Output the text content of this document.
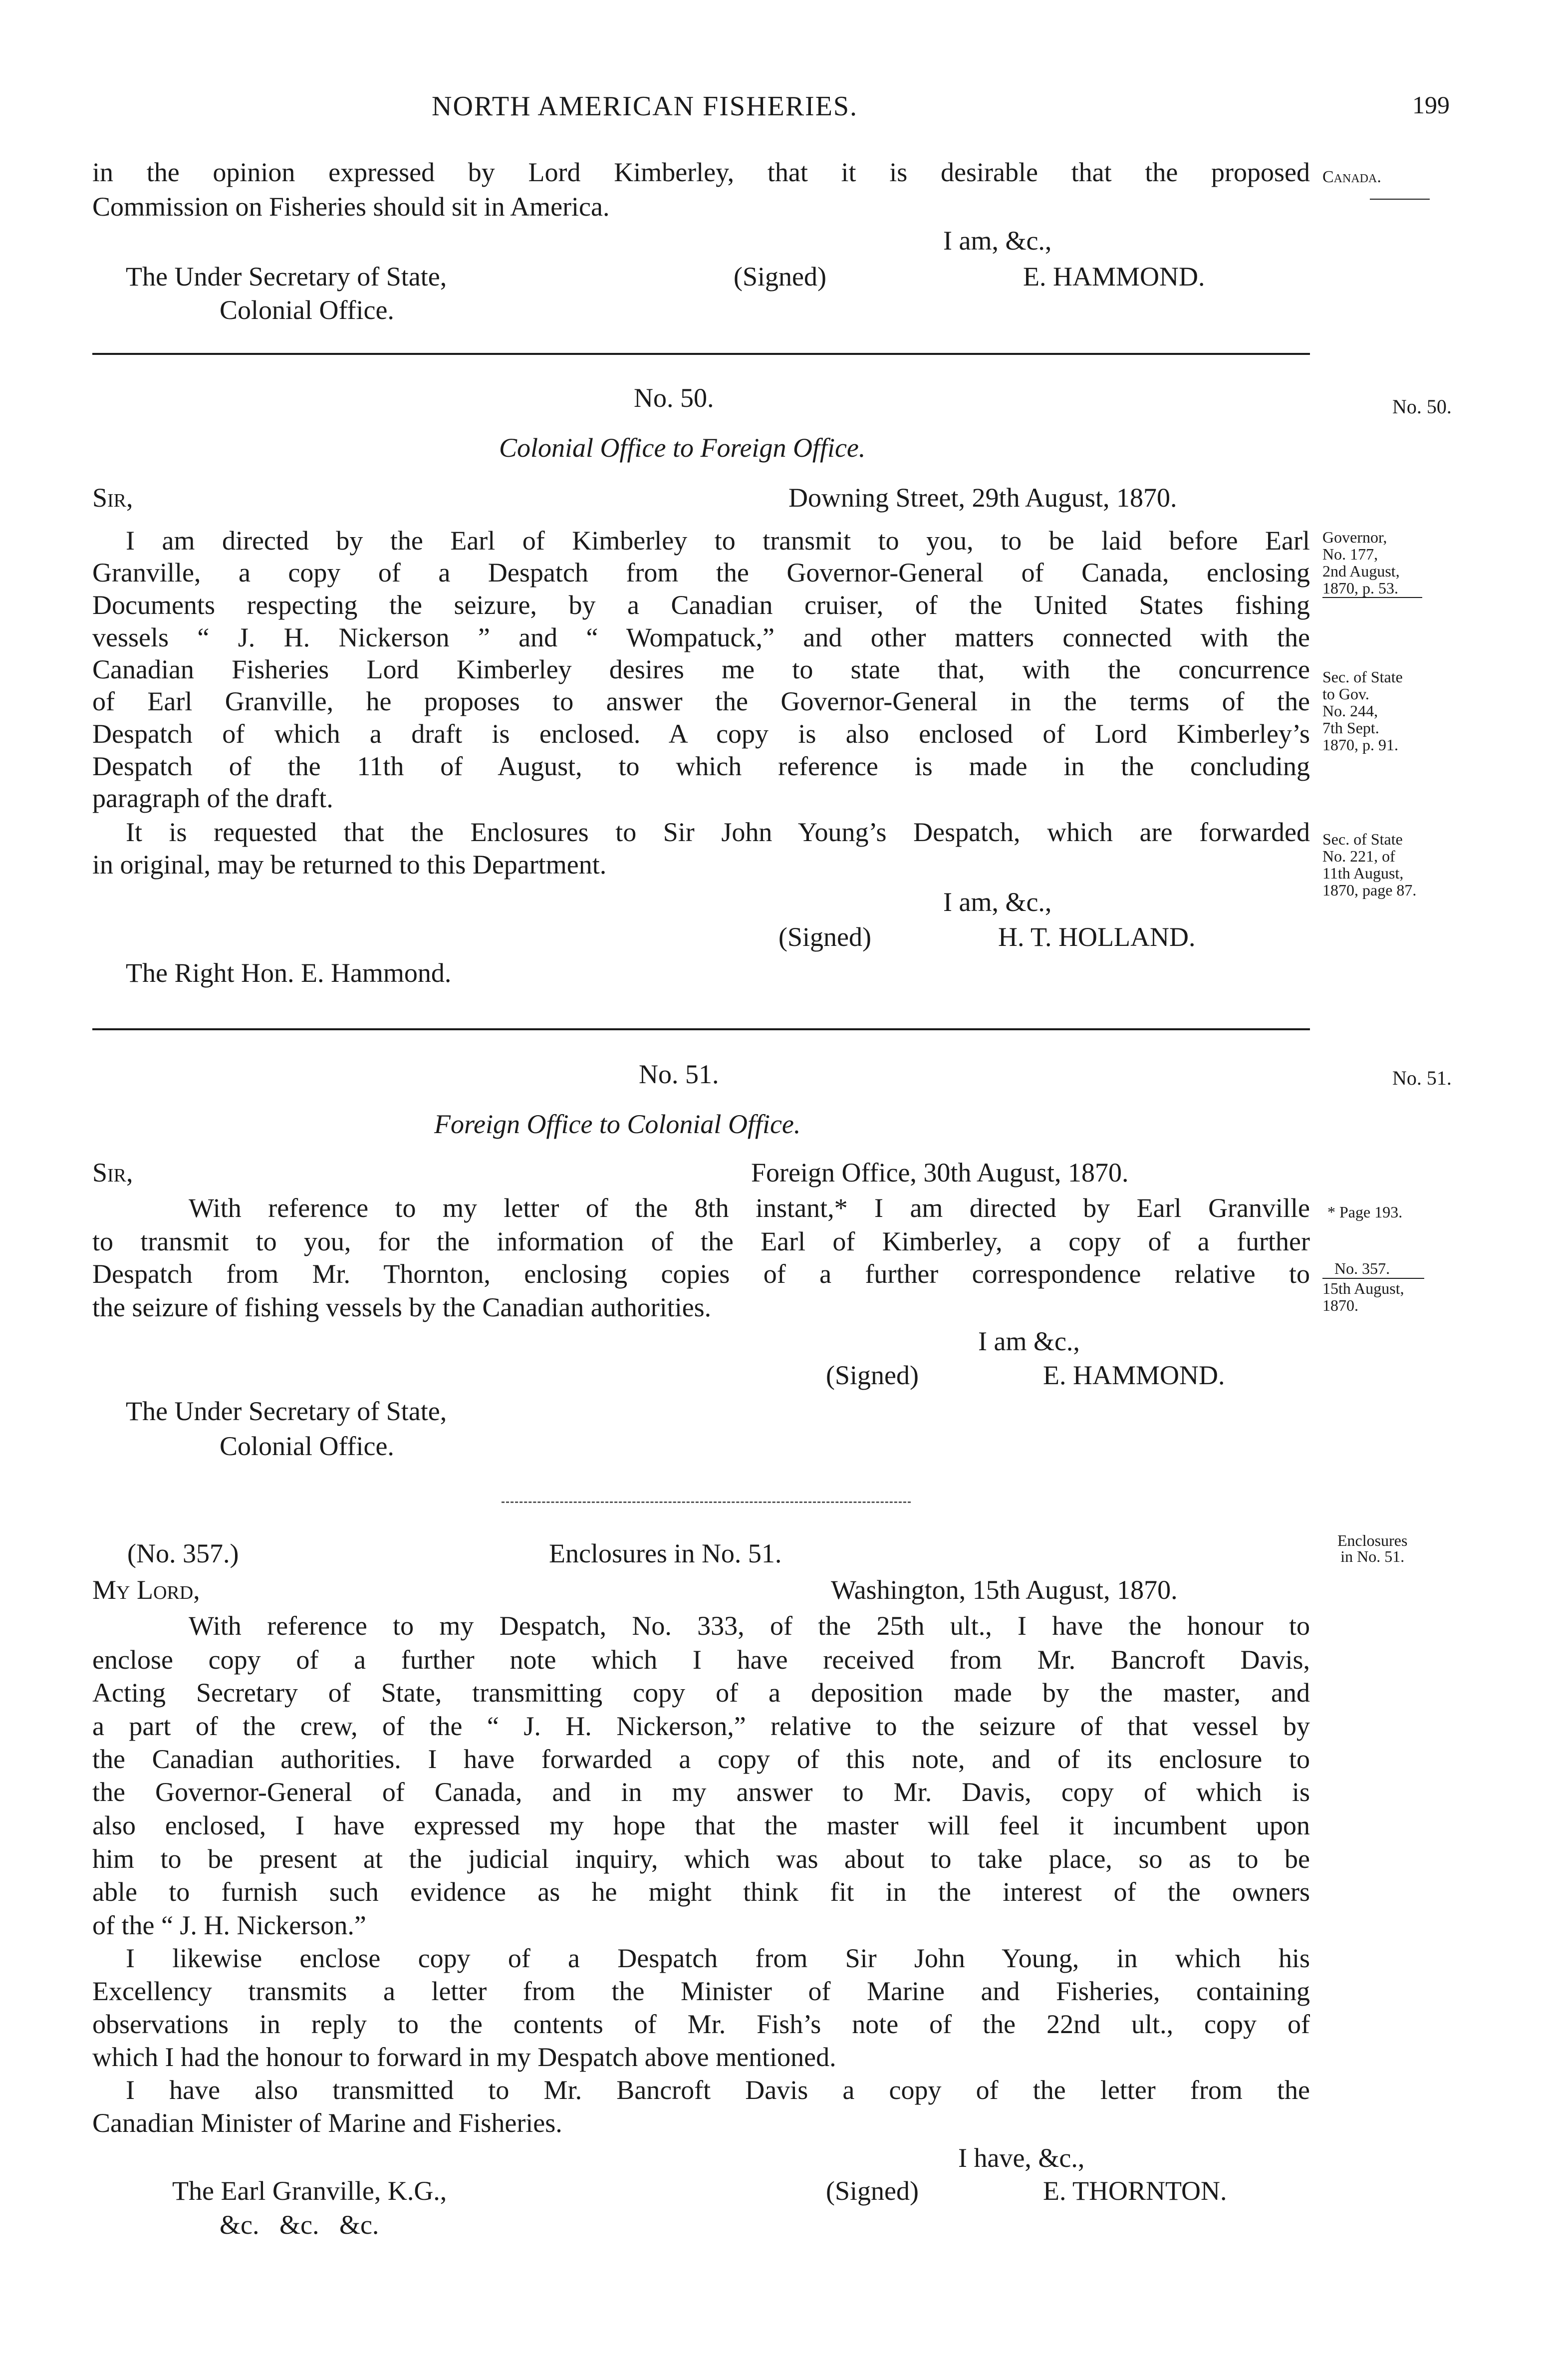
NORTH AMERICAN FISHERIES.	199
in the opinion expressed by Lord Kimberley, that it is desirable that the proposed
Commission on Fisheries should sit in America.
I am, &c.,
(Signed)	E. HAMMOND.
The Under Secretary of State,
Colonial Office.
Canada.
No. 50.	No. 50.
Colonial Office to Foreign Office.
Sir,	Downing Street, 29th August, 1870.
I am directed by the Earl of Kimberley to transmit to you, to be laid before Earl
Granville, a copy of a Despatch from the Governor-General of Canada, enclosing
Documents respecting the seizure, by a Canadian cruiser, of the United States fishing
vessels “ J. H. Nickerson ” and “ Wompatuck,” and other matters connected with the
Canadian Fisheries Lord Kimberley desires me to state that, with the concurrence
of Earl Granville, he proposes to answer the Governor-General in the terms of the
Despatch of which a draft is enclosed. A copy is also enclosed of Lord Kimberley’s
Despatch of the 11th of August, to which reference is made in the concluding
paragraph of the draft.
It is requested that the Enclosures to Sir John Young’s Despatch, which are forwarded
in original, may be returned to this Department.
I am, &c.,
(Signed)	H. T. HOLLAND.
The Right Hon. E. Hammond.
Governor,
No. 177,
2nd August,
1870, p. 53.
Sec. of State
to Gov.
No. 244,
7th Sept.
1870, p. 91.
Sec. of State
No. 221, of
11th August,
1870, page 87.
No. 51.	No. 51.
Foreign Office to Colonial Office.
Sir,	Foreign Office, 30th August, 1870.
With reference to my letter of the 8th instant,* I am directed by Earl Granville
to transmit to you, for the information of the Earl of Kimberley, a copy of a further
Despatch from Mr. Thornton, enclosing copies of a further correspondence relative to
the seizure of fishing vessels by the Canadian authorities.
I am &c.,
(Signed)	E. HAMMOND.
The Under Secretary of State,
Colonial Office.
* Page 193.
No. 357.
15th August,
1870.
(No. 357.)	Enclosures in No. 51.	Enclosures
in No. 51.
My Lord,	Washington, 15th August, 1870.
With reference to my Despatch, No. 333, of the 25th ult., I have the honour to
enclose copy of a further note which I have received from Mr. Bancroft Davis,
Acting Secretary of State, transmitting copy of a deposition made by the master, and
a part of the crew, of the “ J. H. Nickerson,” relative to the seizure of that vessel by
the Canadian authorities. I have forwarded a copy of this note, and of its enclosure to
the Governor-General of Canada, and in my answer to Mr. Davis, copy of which is
also enclosed, I have expressed my hope that the master will feel it incumbent upon
him to be present at the judicial inquiry, which was about to take place, so as to be
able to furnish such evidence as he might think fit in the interest of the owners
of the “ J. H. Nickerson.”
I likewise enclose copy of a Despatch from Sir John Young, in which his
Excellency transmits a letter from the Minister of Marine and Fisheries, containing
observations in reply to the contents of Mr. Fish’s note of the 22nd ult., copy of
which I had the honour to forward in my Despatch above mentioned.
I have also transmitted to Mr. Bancroft Davis a copy of the letter from the
Canadian Minister of Marine and Fisheries.
I have, &c.,
(Signed)	E. THORNTON.
The Earl Granville, K.G.,
&c.   &c.   &c.
